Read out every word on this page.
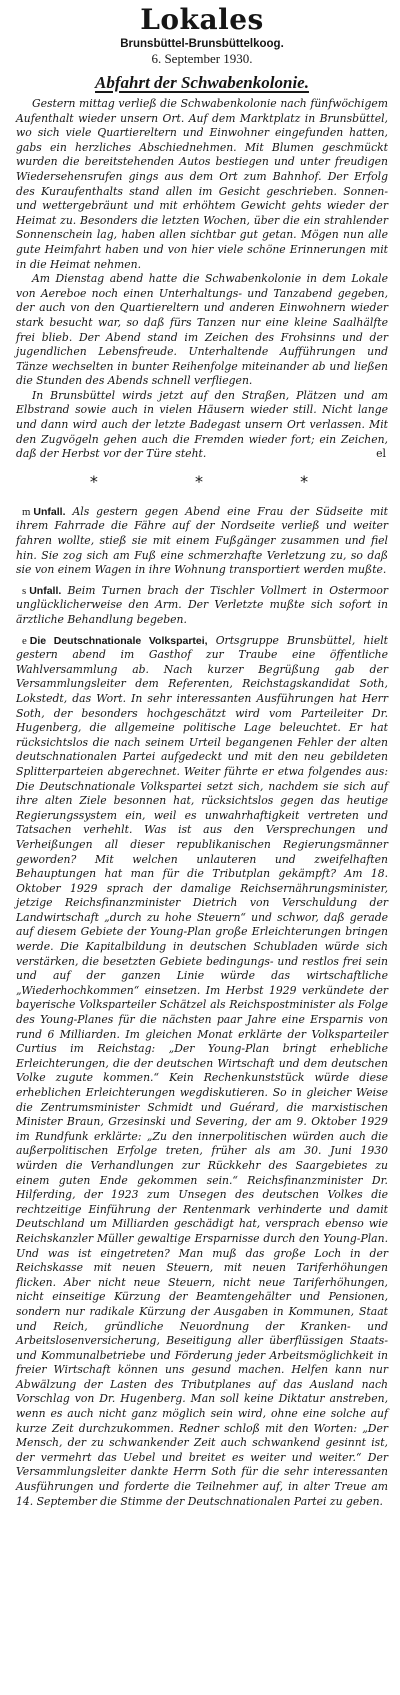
Lokales
Brunsbüttel-Brunsbüttelkoog.
6. September 1930.
Abfahrt der Schwabenkolonie.

Gestern mittag verließ die Schwabenkolonie nach fünfwöchigem Aufenthalt wieder unsern Ort. Auf dem Marktplatz in Brunsbüttel, wo sich viele Quartiereltern und Einwohner eingefunden hatten, gabs ein herzliches Abschiednehmen. Mit Blumen geschmückt wurden die bereitstehenden Autos bestiegen und unter freudigen Wiedersehensrufen gings aus dem Ort zum Bahnhof. Der Erfolg des Kuraufenthalts stand allen im Gesicht geschrieben. Sonnen- und wettergebräunt und mit erhöhtem Gewicht gehts wieder der Heimat zu. Besonders die letzten Wochen, über die ein strahlender Sonnenschein lag, haben allen sichtbar gut getan. Mögen nun alle gute Heimfahrt haben und von hier viele schöne Erinnerungen mit in die Heimat nehmen.

Am Dienstag abend hatte die Schwabenkolonie in dem Lokale von Aereboe noch einen Unterhaltungs- und Tanzabend gegeben, der auch von den Quartiereltern und anderen Einwohnern wieder stark besucht war, so daß fürs Tanzen nur eine kleine Saalhälfte frei blieb. Der Abend stand im Zeichen des Frohsinns und der jugendlichen Lebensfreude. Unterhaltende Aufführungen und Tänze wechselten in bunter Reihenfolge miteinander ab und ließen die Stunden des Abends schnell verfliegen.

In Brunsbüttel wirds jetzt auf den Straßen, Plätzen und am Elbstrand sowie auch in vielen Häusern wieder still. Nicht lange und dann wird auch der letzte Badegast unsern Ort verlassen. Mit den Zugvögeln gehen auch die Fremden wieder fort; ein Zeichen, daß der Herbst vor der Türe steht.	el
* * *

m Unfall. Als gestern gegen Abend eine Frau der Südseite mit ihrem Fahrrade die Fähre auf der Nordseite verließ und weiter fahren wollte, stieß sie mit einem Fußgänger zusammen und fiel hin. Sie zog sich am Fuß eine schmerzhafte Verletzung zu, so daß sie von einem Wagen in ihre Wohnung transportiert werden mußte.

s Unfall. Beim Turnen brach der Tischler Vollmert in Ostermoor unglücklicherweise den Arm. Der Verletzte mußte sich sofort in ärztliche Behandlung begeben.

e Die Deutschnationale Volkspartei, Ortsgruppe Brunsbüttel, hielt gestern abend im Gasthof zur Traube eine öffentliche Wahlversammlung ab. Nach kurzer Begrüßung gab der Versammlungsleiter dem Referenten, Reichstagskandidat Soth, Lokstedt, das Wort. In sehr interessanten Ausführungen hat Herr Soth, der besonders hochgeschätzt wird vom Parteileiter Dr. Hugenberg, die allgemeine politische Lage beleuchtet. Er hat rücksichtslos die nach seinem Urteil begangenen Fehler der alten deutschnationalen Partei aufgedeckt und mit den neu gebildeten Splitterparteien abgerechnet. Weiter führte er etwa folgendes aus: Die Deutschnationale Volkspartei setzt sich, nachdem sie sich auf ihre alten Ziele besonnen hat, rücksichtslos gegen das heutige Regierungssystem ein, weil es unwahrhaftigkeit vertreten und Tatsachen verhehlt. Was ist aus den Versprechungen und Verheißungen all dieser republikanischen Regierungsmänner geworden? Mit welchen unlauteren und zweifelhaften Behauptungen hat man für die Tributplan gekämpft? Am 18. Oktober 1929 sprach der damalige Reichsernährungsminister, jetzige Reichsfinanzminister Dietrich von Verschuldung der Landwirtschaft „durch zu hohe Steuern“ und schwor, daß gerade auf diesem Gebiete der Young-Plan große Erleichterungen bringen werde. Die Kapitalbildung in deutschen Schubladen würde sich verstärken, die besetzten Gebiete bedingungs- und restlos frei sein und auf der ganzen Linie würde das wirtschaftliche „Wiederhochkommen“ einsetzen. Im Herbst 1929 verkündete der bayerische Volksparteiler Schätzel als Reichspostminister als Folge des Young-Planes für die nächsten paar Jahre eine Ersparnis von rund 6 Milliarden. Im gleichen Monat erklärte der Volksparteiler Curtius im Reichstag: „Der Young-Plan bringt erhebliche Erleichterungen, die der deutschen Wirtschaft und dem deutschen Volke zugute kommen.“ Kein Rechenkunststück würde diese erheblichen Erleichterungen wegdiskutieren. So in gleicher Weise die Zentrumsminister Schmidt und Guérard, die marxistischen Minister Braun, Grzesinski und Severing, der am 9. Oktober 1929 im Rundfunk erklärte: „Zu den innerpolitischen würden auch die außerpolitischen Erfolge treten, früher als am 30. Juni 1930 würden die Verhandlungen zur Rückkehr des Saargebietes zu einem guten Ende gekommen sein.“ Reichsfinanzminister Dr. Hilferding, der 1923 zum Unsegen des deutschen Volkes die rechtzeitige Einführung der Rentenmark verhinderte und damit Deutschland um Milliarden geschädigt hat, versprach ebenso wie Reichskanzler Müller gewaltige Ersparnisse durch den Young-Plan. Und was ist eingetreten? Man muß das große Loch in der Reichskasse mit neuen Steuern, mit neuen Tariferhöhungen flicken. Aber nicht neue Steuern, nicht neue Tariferhöhungen, nicht einseitige Kürzung der Beamtengehälter und Pensionen, sondern nur radikale Kürzung der Ausgaben in Kommunen, Staat und Reich, gründliche Neuordnung der Kranken- und Arbeitslosenversicherung, Beseitigung aller überflüssigen Staats- und Kommunalbetriebe und Förderung jeder Arbeitsmöglichkeit in freier Wirtschaft können uns gesund machen. Helfen kann nur Abwälzung der Lasten des Tributplanes auf das Ausland nach Vorschlag von Dr. Hugenberg. Man soll keine Diktatur anstreben, wenn es auch nicht ganz möglich sein wird, ohne eine solche auf kurze Zeit durchzukommen. Redner schloß mit den Worten: „Der Mensch, der zu schwankender Zeit auch schwankend gesinnt ist, der vermehrt das Uebel und breitet es weiter und weiter.“ Der Versammlungsleiter dankte Herrn Soth für die sehr interessanten Ausführungen und forderte die Teilnehmer auf, in alter Treue am 14. September die Stimme der Deutschnationalen Partei zu geben.
